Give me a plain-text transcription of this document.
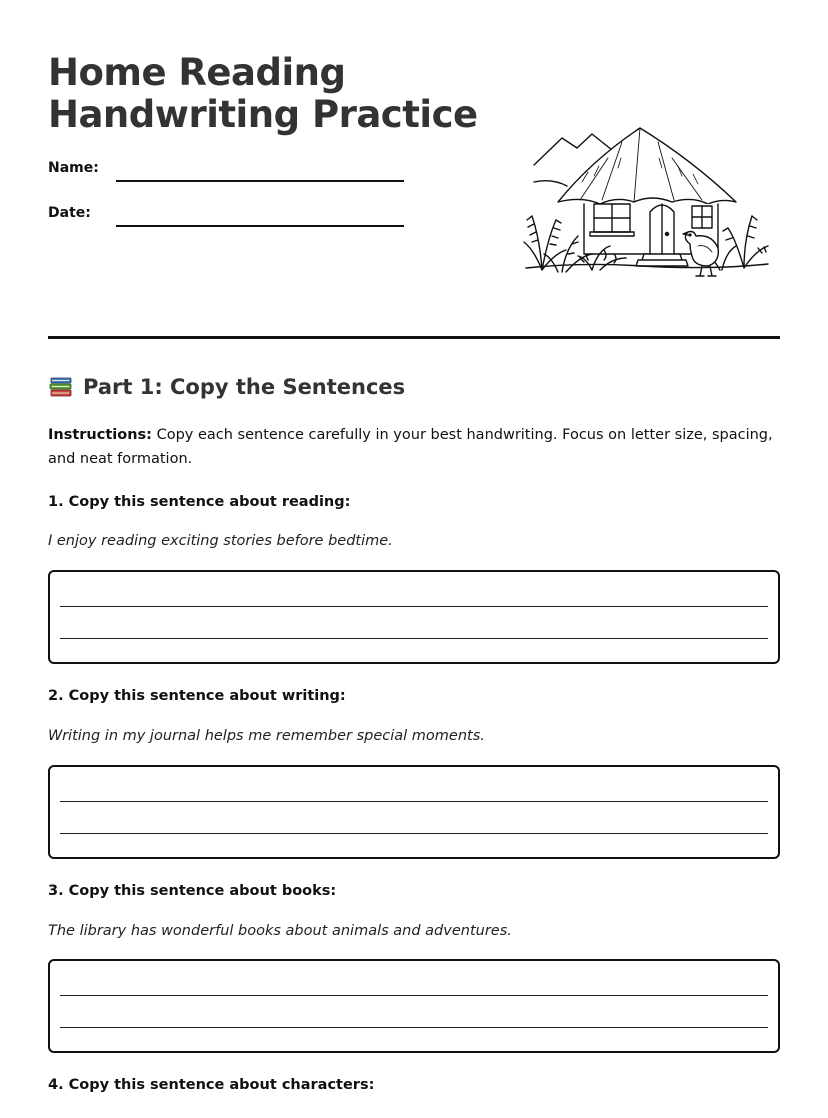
Home Reading
Handwriting Practice
Name:
Date:
Part 1: Copy the Sentences
Instructions: Copy each sentence carefully in your best handwriting. Focus on letter size, spacing, and neat formation.
1. Copy this sentence about reading:
I enjoy reading exciting stories before bedtime.
2. Copy this sentence about writing:
Writing in my journal helps me remember special moments.
3. Copy this sentence about books:
The library has wonderful books about animals and adventures.
4. Copy this sentence about characters:
